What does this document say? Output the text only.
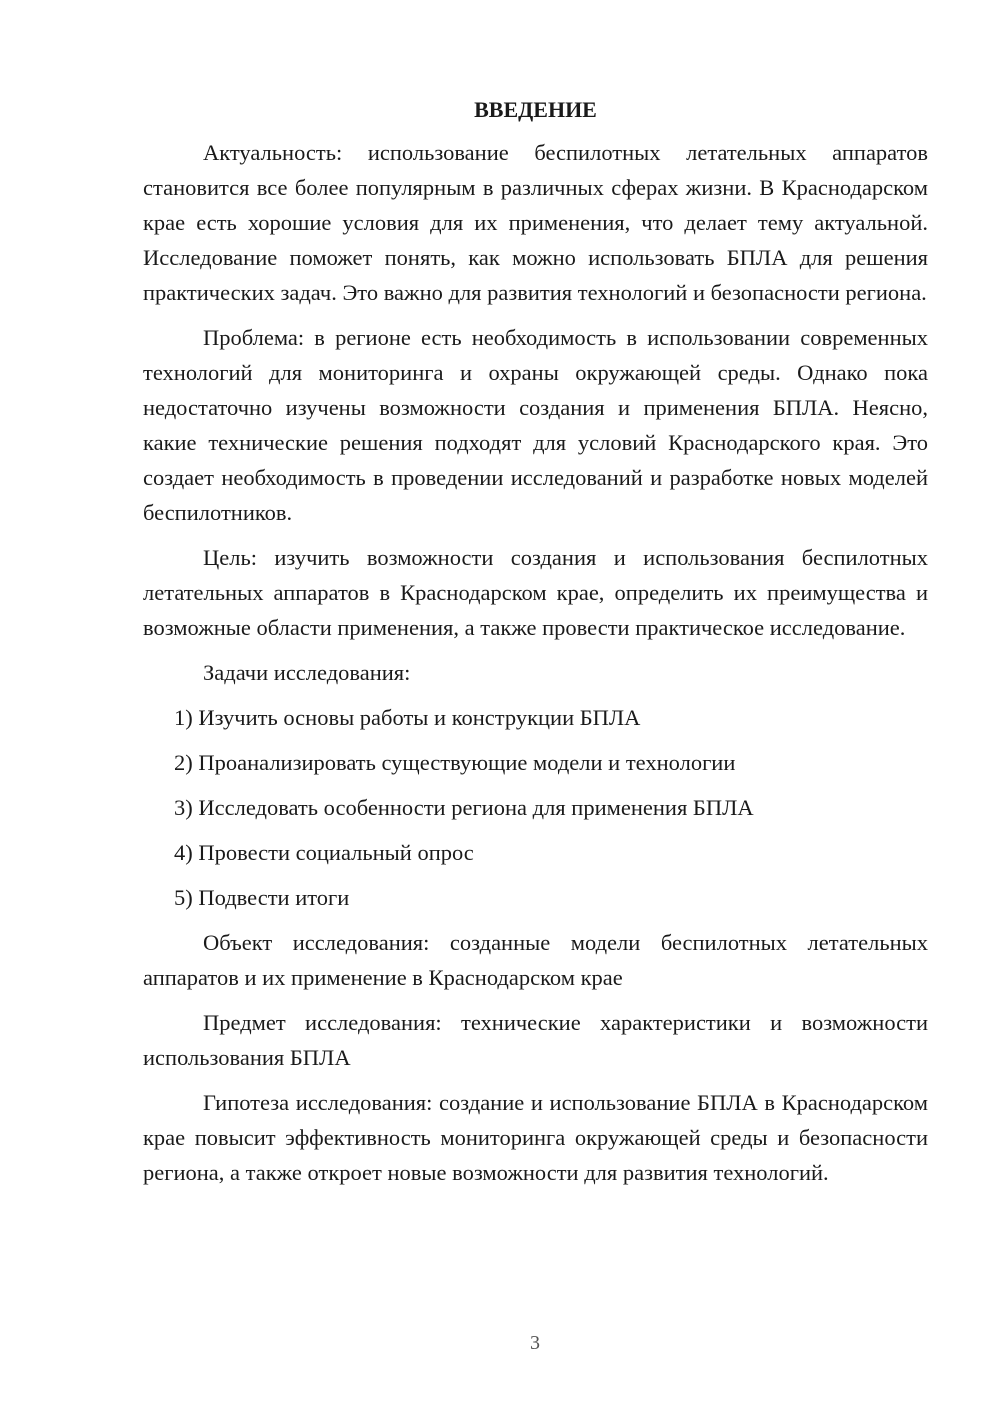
ВВЕДЕНИЕ

Актуальность: использование беспилотных летательных аппаратов становится все более популярным в различных сферах жизни. В Краснодарском крае есть хорошие условия для их применения, что делает тему актуальной. Исследование поможет понять, как можно использовать БПЛА для решения практических задач. Это важно для развития технологий и безопасности региона.

Проблема: в регионе есть необходимость в использовании современных технологий для мониторинга и охраны окружающей среды. Однако пока недостаточно изучены возможности создания и применения БПЛА. Неясно, какие технические решения подходят для условий Краснодарского края. Это создает необходимость в проведении исследований и разработке новых моделей беспилотников.

Цель: изучить возможности создания и использования беспилотных летательных аппаратов в Краснодарском крае, определить их преимущества и возможные области применения, а также провести практическое исследование.

Задачи исследования:

1) Изучить основы работы и конструкции БПЛА

2) Проанализировать существующие модели и технологии

3) Исследовать особенности региона для применения БПЛА

4) Провести социальный опрос

5) Подвести итоги

Объект исследования: созданные модели беспилотных летательных аппаратов и их применение в Краснодарском крае

Предмет исследования: технические характеристики и возможности использования БПЛА

Гипотеза исследования: создание и использование БПЛА в Краснодарском крае повысит эффективность мониторинга окружающей среды и безопасности региона, а также откроет новые возможности для развития технологий.

3
